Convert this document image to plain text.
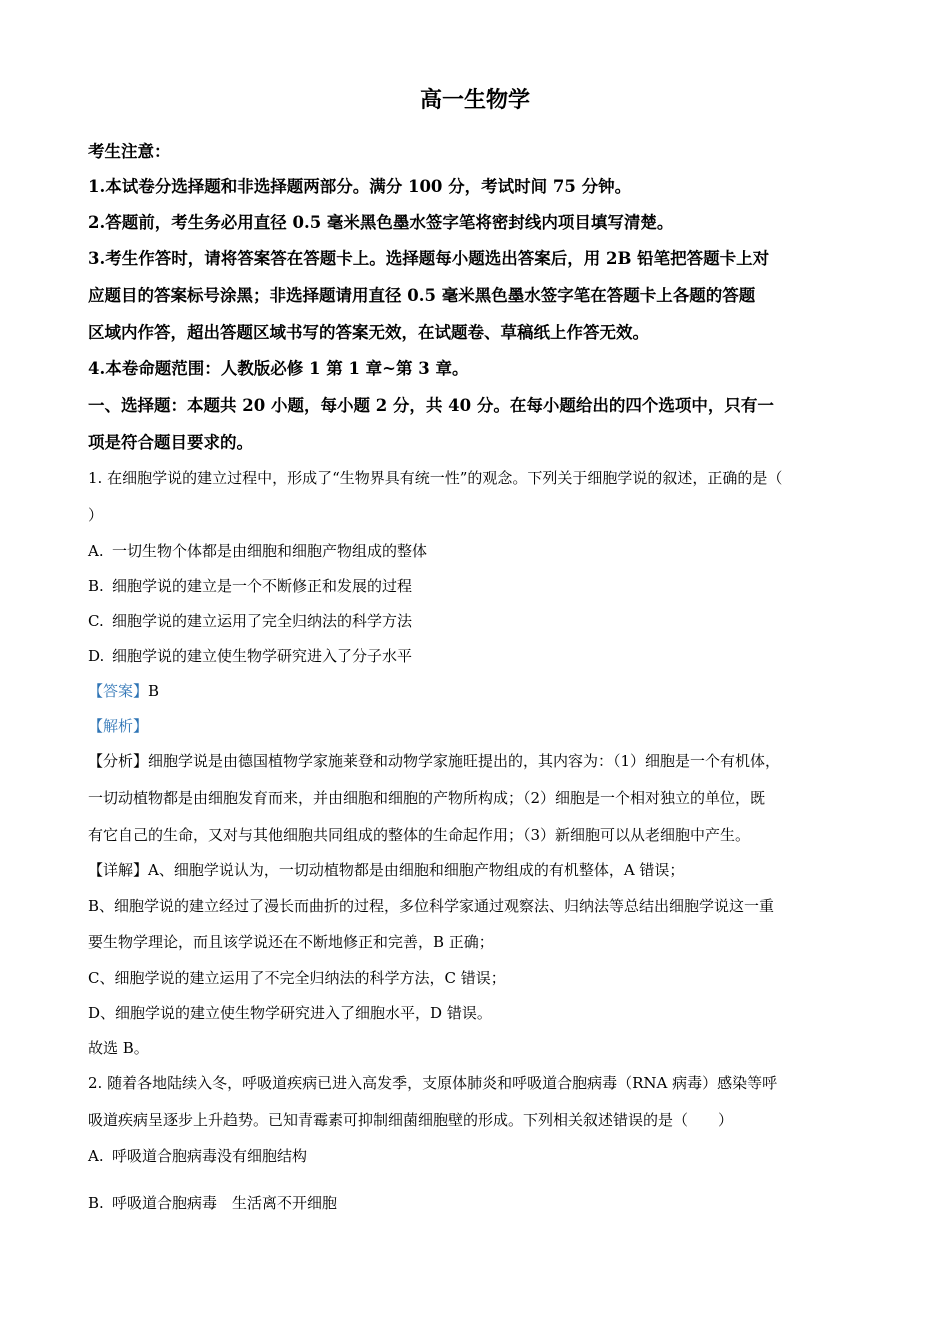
高一生物学
考生注意：
1.本试卷分选择题和非选择题两部分。满分 100 分，考试时间 75 分钟。
2.答题前，考生务必用直径 0.5 毫米黑色墨水签字笔将密封线内项目填写清楚。
3.考生作答时，请将答案答在答题卡上。选择题每小题选出答案后，用 2B 铅笔把答题卡上对
应题目的答案标号涂黑；非选择题请用直径 0.5 毫米黑色墨水签字笔在答题卡上各题的答题
区域内作答，超出答题区域书写的答案无效，在试题卷、草稿纸上作答无效。
4.本卷命题范围：人教版必修 1 第 1 章~第 3 章。
一、选择题：本题共 20 小题，每小题 2 分，共 40 分。在每小题给出的四个选项中，只有一
项是符合题目要求的。
1. 在细胞学说的建立过程中，形成了“生物界具有统一性”的观念。下列关于细胞学说的叙述，正确的是（
）
A. 一切生物个体都是由细胞和细胞产物组成的整体
B. 细胞学说的建立是一个不断修正和发展的过程
C. 细胞学说的建立运用了完全归纳法的科学方法
D. 细胞学说的建立使生物学研究进入了分子水平
【答案】B
【解析】
【分析】细胞学说是由德国植物学家施莱登和动物学家施旺提出的，其内容为：（1）细胞是一个有机体，
一切动植物都是由细胞发育而来，并由细胞和细胞的产物所构成；（2）细胞是一个相对独立的单位，既
有它自己的生命，又对与其他细胞共同组成的整体的生命起作用；（3）新细胞可以从老细胞中产生。
【详解】A、细胞学说认为，一切动植物都是由细胞和细胞产物组成的有机整体，A 错误；
B、细胞学说的建立经过了漫长而曲折的过程，多位科学家通过观察法、归纳法等总结出细胞学说这一重
要生物学理论，而且该学说还在不断地修正和完善，B 正确；
C、细胞学说的建立运用了不完全归纳法的科学方法，C 错误；
D、细胞学说的建立使生物学研究进入了细胞水平，D 错误。
故选 B。
2. 随着各地陆续入冬，呼吸道疾病已进入高发季，支原体肺炎和呼吸道合胞病毒（RNA 病毒）感染等呼
吸道疾病呈逐步上升趋势。已知青霉素可抑制细菌细胞壁的形成。下列相关叙述错误的是（　　）
A. 呼吸道合胞病毒没有细胞结构
B. 呼吸道合胞病毒　生活离不开细胞
